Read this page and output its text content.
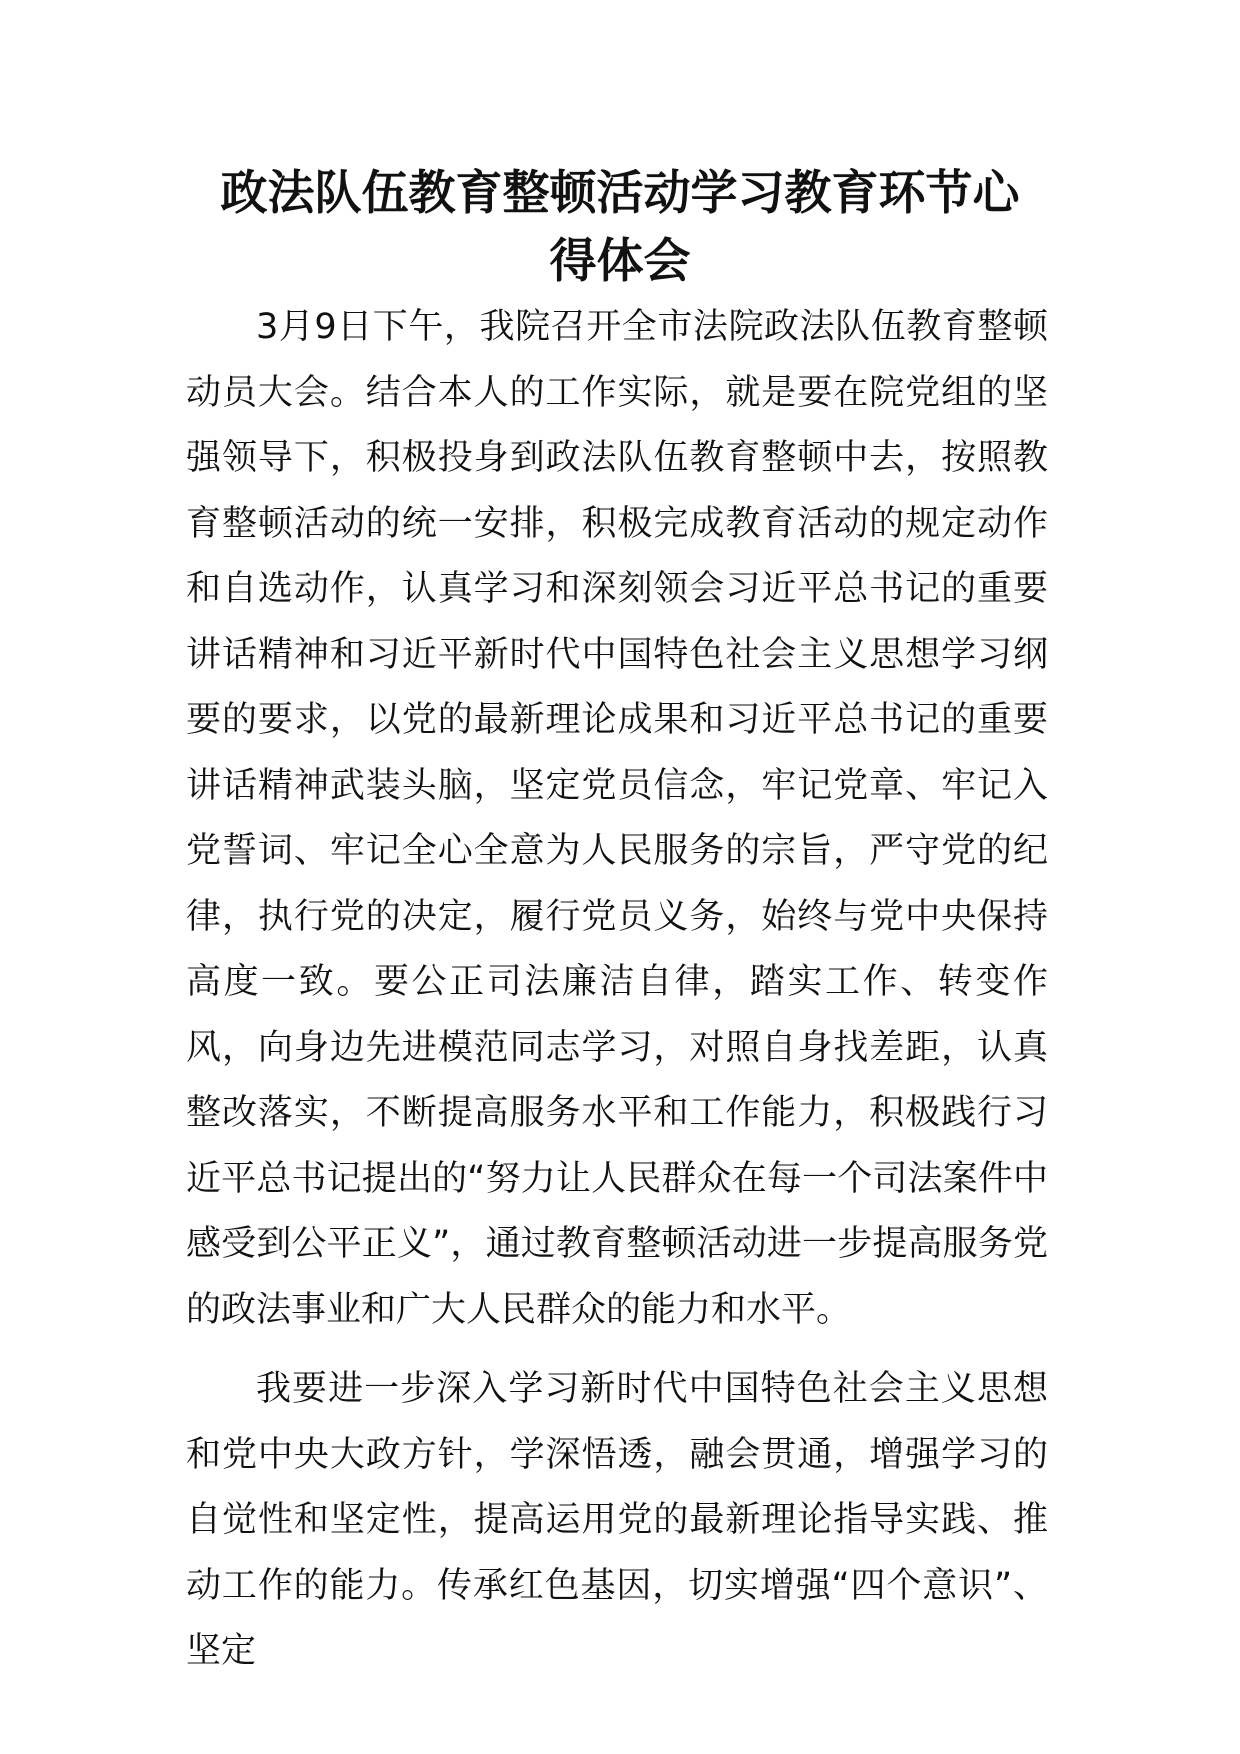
政法队伍教育整顿活动学习教育环节心得体会

3月9日下午，我院召开全市法院政法队伍教育整顿动员大会。结合本人的工作实际，就是要在院党组的坚强领导下，积极投身到政法队伍教育整顿中去，按照教育整顿活动的统一安排，积极完成教育活动的规定动作和自选动作，认真学习和深刻领会习近平总书记的重要讲话精神和习近平新时代中国特色社会主义思想学习纲要的要求，以党的最新理论成果和习近平总书记的重要讲话精神武装头脑，坚定党员信念，牢记党章、牢记入党誓词、牢记全心全意为人民服务的宗旨，严守党的纪律，执行党的决定，履行党员义务，始终与党中央保持高度一致。要公正司法廉洁自律，踏实工作、转变作风，向身边先进模范同志学习，对照自身找差距，认真整改落实，不断提高服务水平和工作能力，积极践行习近平总书记提出的“努力让人民群众在每一个司法案件中感受到公平正义”，通过教育整顿活动进一步提高服务党的政法事业和广大人民群众的能力和水平。

我要进一步深入学习新时代中国特色社会主义思想和党中央大政方针，学深悟透，融会贯通，增强学习的自觉性和坚定性，提高运用党的最新理论指导实践、推动工作的能力。传承红色基因，切实增强“四个意识”、坚定
